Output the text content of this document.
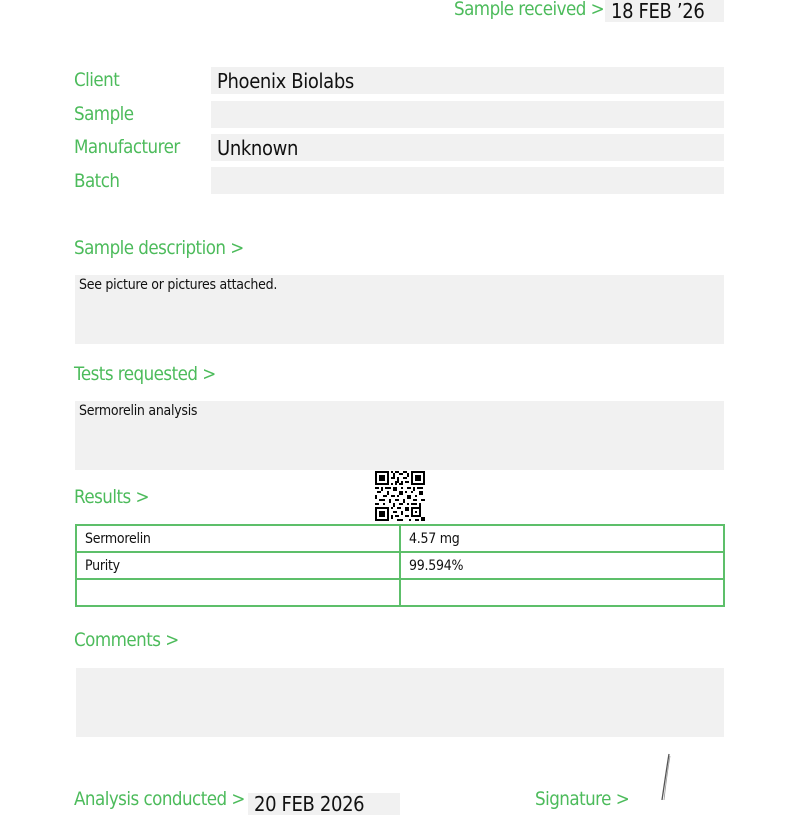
Sample received > 18 FEB ’26
Client	Phoenix Biolabs
Sample
Manufacturer Unknown
Batch
Sample description >
See picture or pictures attached.
Tests requested >
Sermorelin analysis
Results >
Sermorelin	4.57 mg
Purity	99.594%

Comments >
Analysis conducted > 20 FEB 2026	Signature >
